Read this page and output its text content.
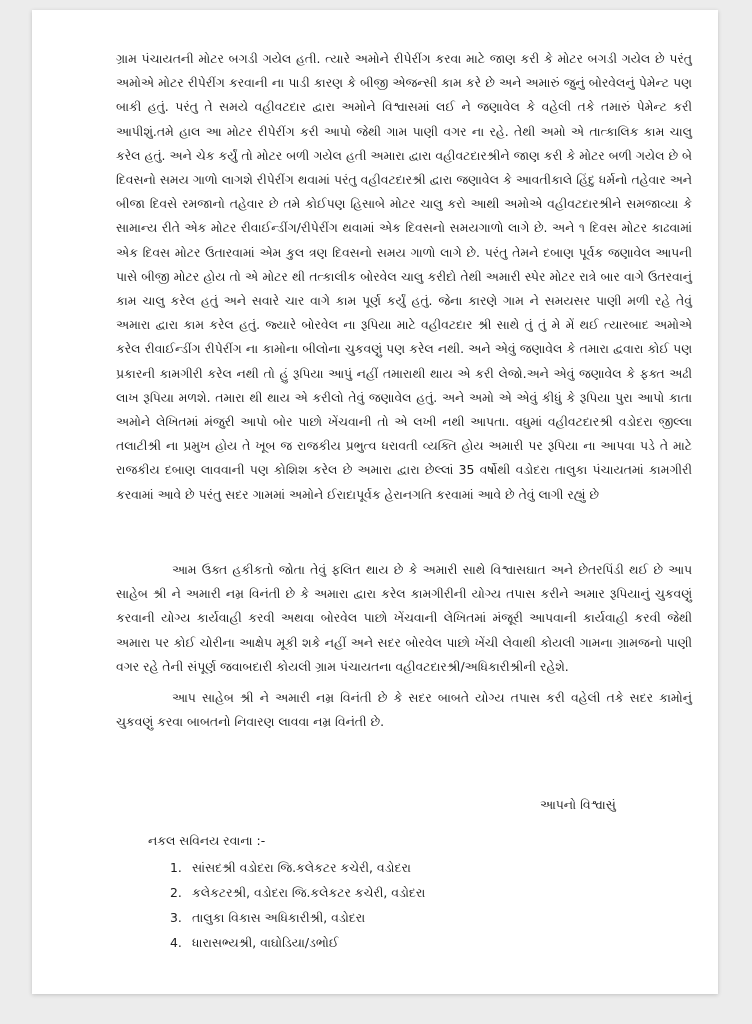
ગ્રામ પંચાયતની મોટર બગડી ગયેલ હતી. ત્યારે અમોને રીપેરીંગ કરવા માટે જાણ કરી કે મોટર બગડી ગયેલ છે પરંતુ અમોએ મોટર રીપેરીંગ કરવાની ના પાડી કારણ કે બીજી એજન્સી કામ કરે છે અને અમારું જુનું બોરવેલનું પેમેન્ટ પણ બાકી હતું. પરંતુ તે સમયે વહીવટદાર દ્વારા અમોને વિશ્વાસમાં લઈ ને જણાવેલ કે વહેલી તકે તમારું પેમેન્ટ કરી આપીશું.તમે હાલ આ મોટર રીપેરીંગ કરી આપો જેથી ગામ પાણી વગર ના રહે. તેથી અમો એ તાત્કાલિક કામ ચાલુ કરેલ હતું. અને ચેક કર્યું તો મોટર બળી ગયેલ હતી અમારા દ્વારા વહીવટદારશ્રીને જાણ કરી કે મોટર બળી ગયેલ છે બે દિવસનો સમય ગાળો લાગશે રીપેરીંગ થવામાં પરંતુ વહીવટદારશ્રી દ્વારા જણાવેલ કે આવતીકાલે હિંદુ ધર્મનો તહેવાર અને બીજા દિવસે રમજાનો તહેવાર છે તમે કોઈપણ હિસાબે મોટર ચાલુ કરો આથી અમોએ વહીવટદારશ્રીને સમજાવ્યા કે સામાન્ય રીતે એક મોટર રીવાઈન્ડીંગ/રીપેરીંગ થવામાં એક દિવસનો સમયગાળો લાગે છે. અને ૧ દિવસ મોટર કાઢવામાં એક દિવસ મોટર ઉતારવામાં એમ કુલ ત્રણ દિવસનો સમય ગાળો લાગે છે. પરંતુ તેમને દબાણ પૂર્વક જણાવેલ આપની પાસે બીજી મોટર હોય તો એ મોટર થી તત્કાલીક બોરવેલ ચાલુ કરીદો તેથી અમારી સ્પેર મોટર રાત્રે બાર વાગે ઉતરવાનું કામ ચાલુ કરેલ હતું અને સવારે ચાર વાગે કામ પૂર્ણ કર્યું હતું. જેના કારણે ગામ ને સમયસર પાણી મળી રહે તેવું અમારા દ્વારા કામ કરેલ હતું. જ્યારે બોરવેલ ના રૂપિયા માટે વહીવટદાર શ્રી સાથે તું તું મે મેં થઈ ત્યારબાદ અમોએ કરેલ રીવાઈન્ડીંગ રીપેરીંગ ના કામોના બીલોના ચુકવણું પણ કરેલ નથી. અને એવું જણાવેલ કે તમારા દ્વવારા કોઈ પણ પ્રકારની કામગીરી કરેલ નથી તો હું રૂપિયા આપું નહીં તમારાથી થાય એ કરી લેજો.અને એવું જણાવેલ કે ફક્ત અઢી લાખ રૂપિયા મળશે. તમારા થી થાય એ કરીલો તેવું જણાવેલ હતું. અને અમો એ એવું કીધું કે રૂપિયા પુરા આપો કાતા અમોને લેખિતમાં મંજુરી આપો બોર પાછો ખેંચવાની તો એ લખી નથી આપતા. વધુમાં વહીવટદારશ્રી વડોદરા જીલ્લા તલાટીશ્રી ના પ્રમુખ હોય તે ખૂબ જ રાજકીય પ્રભુત્વ ધરાવતી વ્યક્તિ હોય અમારી પર રૂપિયા ના આપવા પડે તે માટે રાજકીય દબાણ લાવવાની પણ કોશિશ કરેલ છે અમારા દ્વારા છેલ્લાં 35 વર્ષોથી વડોદરા તાલુકા પંચાયતમાં કામગીરી કરવામાં આવે છે પરંતુ સદર ગામમાં અમોને ઈરાદાપૂર્વક હેરાનગતિ કરવામાં આવે છે તેવું લાગી રહ્યું છે

આમ ઉક્ત હકીકતો જોતા તેવું ફલિત થાય છે કે અમારી સાથે વિશ્વાસઘાત અને છેતરપિંડી થઈ છે આપ સાહેબ શ્રી ને અમારી નમ્ર વિનંતી છે કે અમારા દ્વારા કરેલ કામગીરીની યોગ્ય તપાસ કરીને અમાર રૂપિયાનું ચુકવણું કરવાની યોગ્ય કાર્યવાહી કરવી અથવા બોરવેલ પાછો ખેંચવાની લેખિતમાં મંજૂરી આપવાની કાર્યવાહી કરવી જેથી અમારા પર કોઈ ચોરીના આક્ષેપ મૂકી શકે નહીં અને સદર બોરવેલ પાછો ખેંચી લેવાથી કોયલી ગામના ગ્રામજનો પાણી વગર રહે તેની સંપૂર્ણ જવાબદારી કોયલી ગ્રામ પંચાયતના વહીવટદારશ્રી/અધિકારીશ્રીની રહેશે.

આપ સાહેબ શ્રી ને અમારી નમ્ર વિનંતી છે કે સદર બાબતે યોગ્ય તપાસ કરી વહેલી તકે સદર કામોનું ચુકવણું કરવા બાબતનો નિવારણ લાવવા નમ્ર વિનંતી છે.

આપનો વિશ્વાસું

નકલ સવિનય રવાના :-

1. સાંસદશ્રી વડોદરા જિ.કલેકટર કચેરી, વડોદરા
2. કલેકટરશ્રી, વડોદરા જિ.કલેકટર કચેરી, વડોદરા
3. તાલુકા વિકાસ અધિકારીશ્રી, વડોદરા
4. ધારાસભ્યશ્રી, વાઘોડિયા/ડભોઈ
